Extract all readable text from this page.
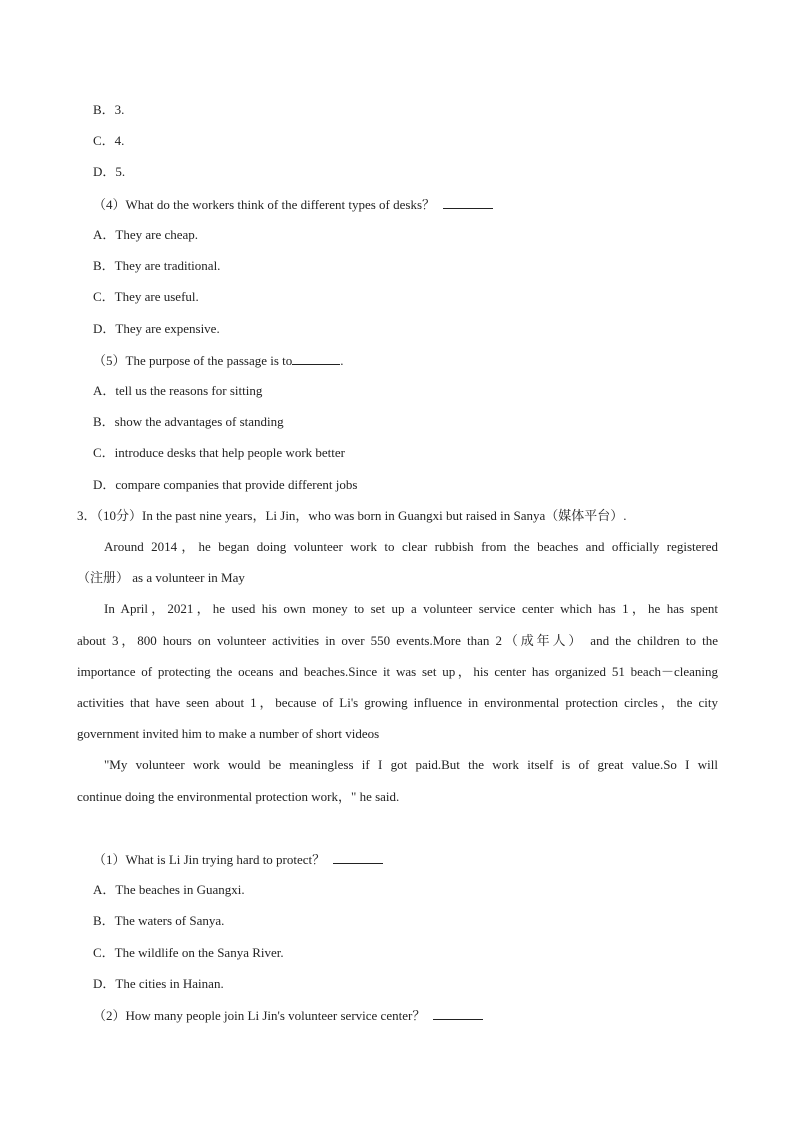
B．3.
C．4.
D．5.
（4）What do the workers think of the different types of desks？
A．They are cheap.
B．They are traditional.
C．They are useful.
D．They are expensive.
（5）The purpose of the passage is to	.
A．tell us the reasons for sitting
B．show the advantages of standing
C．introduce desks that help people work better
D．compare companies that provide different jobs
3．（10分）In the past nine years，Li Jin，who was born in Guangxi but raised in Sanya（媒体平台）.
Around 2014，he began doing volunteer work to clear rubbish from the beaches and officially registered
（注册） as a volunteer in May
In April，2021，he used his own money to set up a volunteer service center which has 1，he has spent
about 3，800 hours on volunteer activities in over 550 events.More than 2（成年人） and the children to the
importance of protecting the oceans and beaches.Since it was set up，his center has organized 51 beach－cleaning
activities that have seen about 1，because of Li's growing influence in environmental protection circles，the city
government invited him to make a number of short videos
"My volunteer work would be meaningless if I got paid.But the work itself is of great value.So I will
continue doing the environmental protection work，" he said.
（1）What is Li Jin trying hard to protect？
A．The beaches in Guangxi.
B．The waters of Sanya.
C．The wildlife on the Sanya River.
D．The cities in Hainan.
（2）How many people join Li Jin's volunteer service center？
